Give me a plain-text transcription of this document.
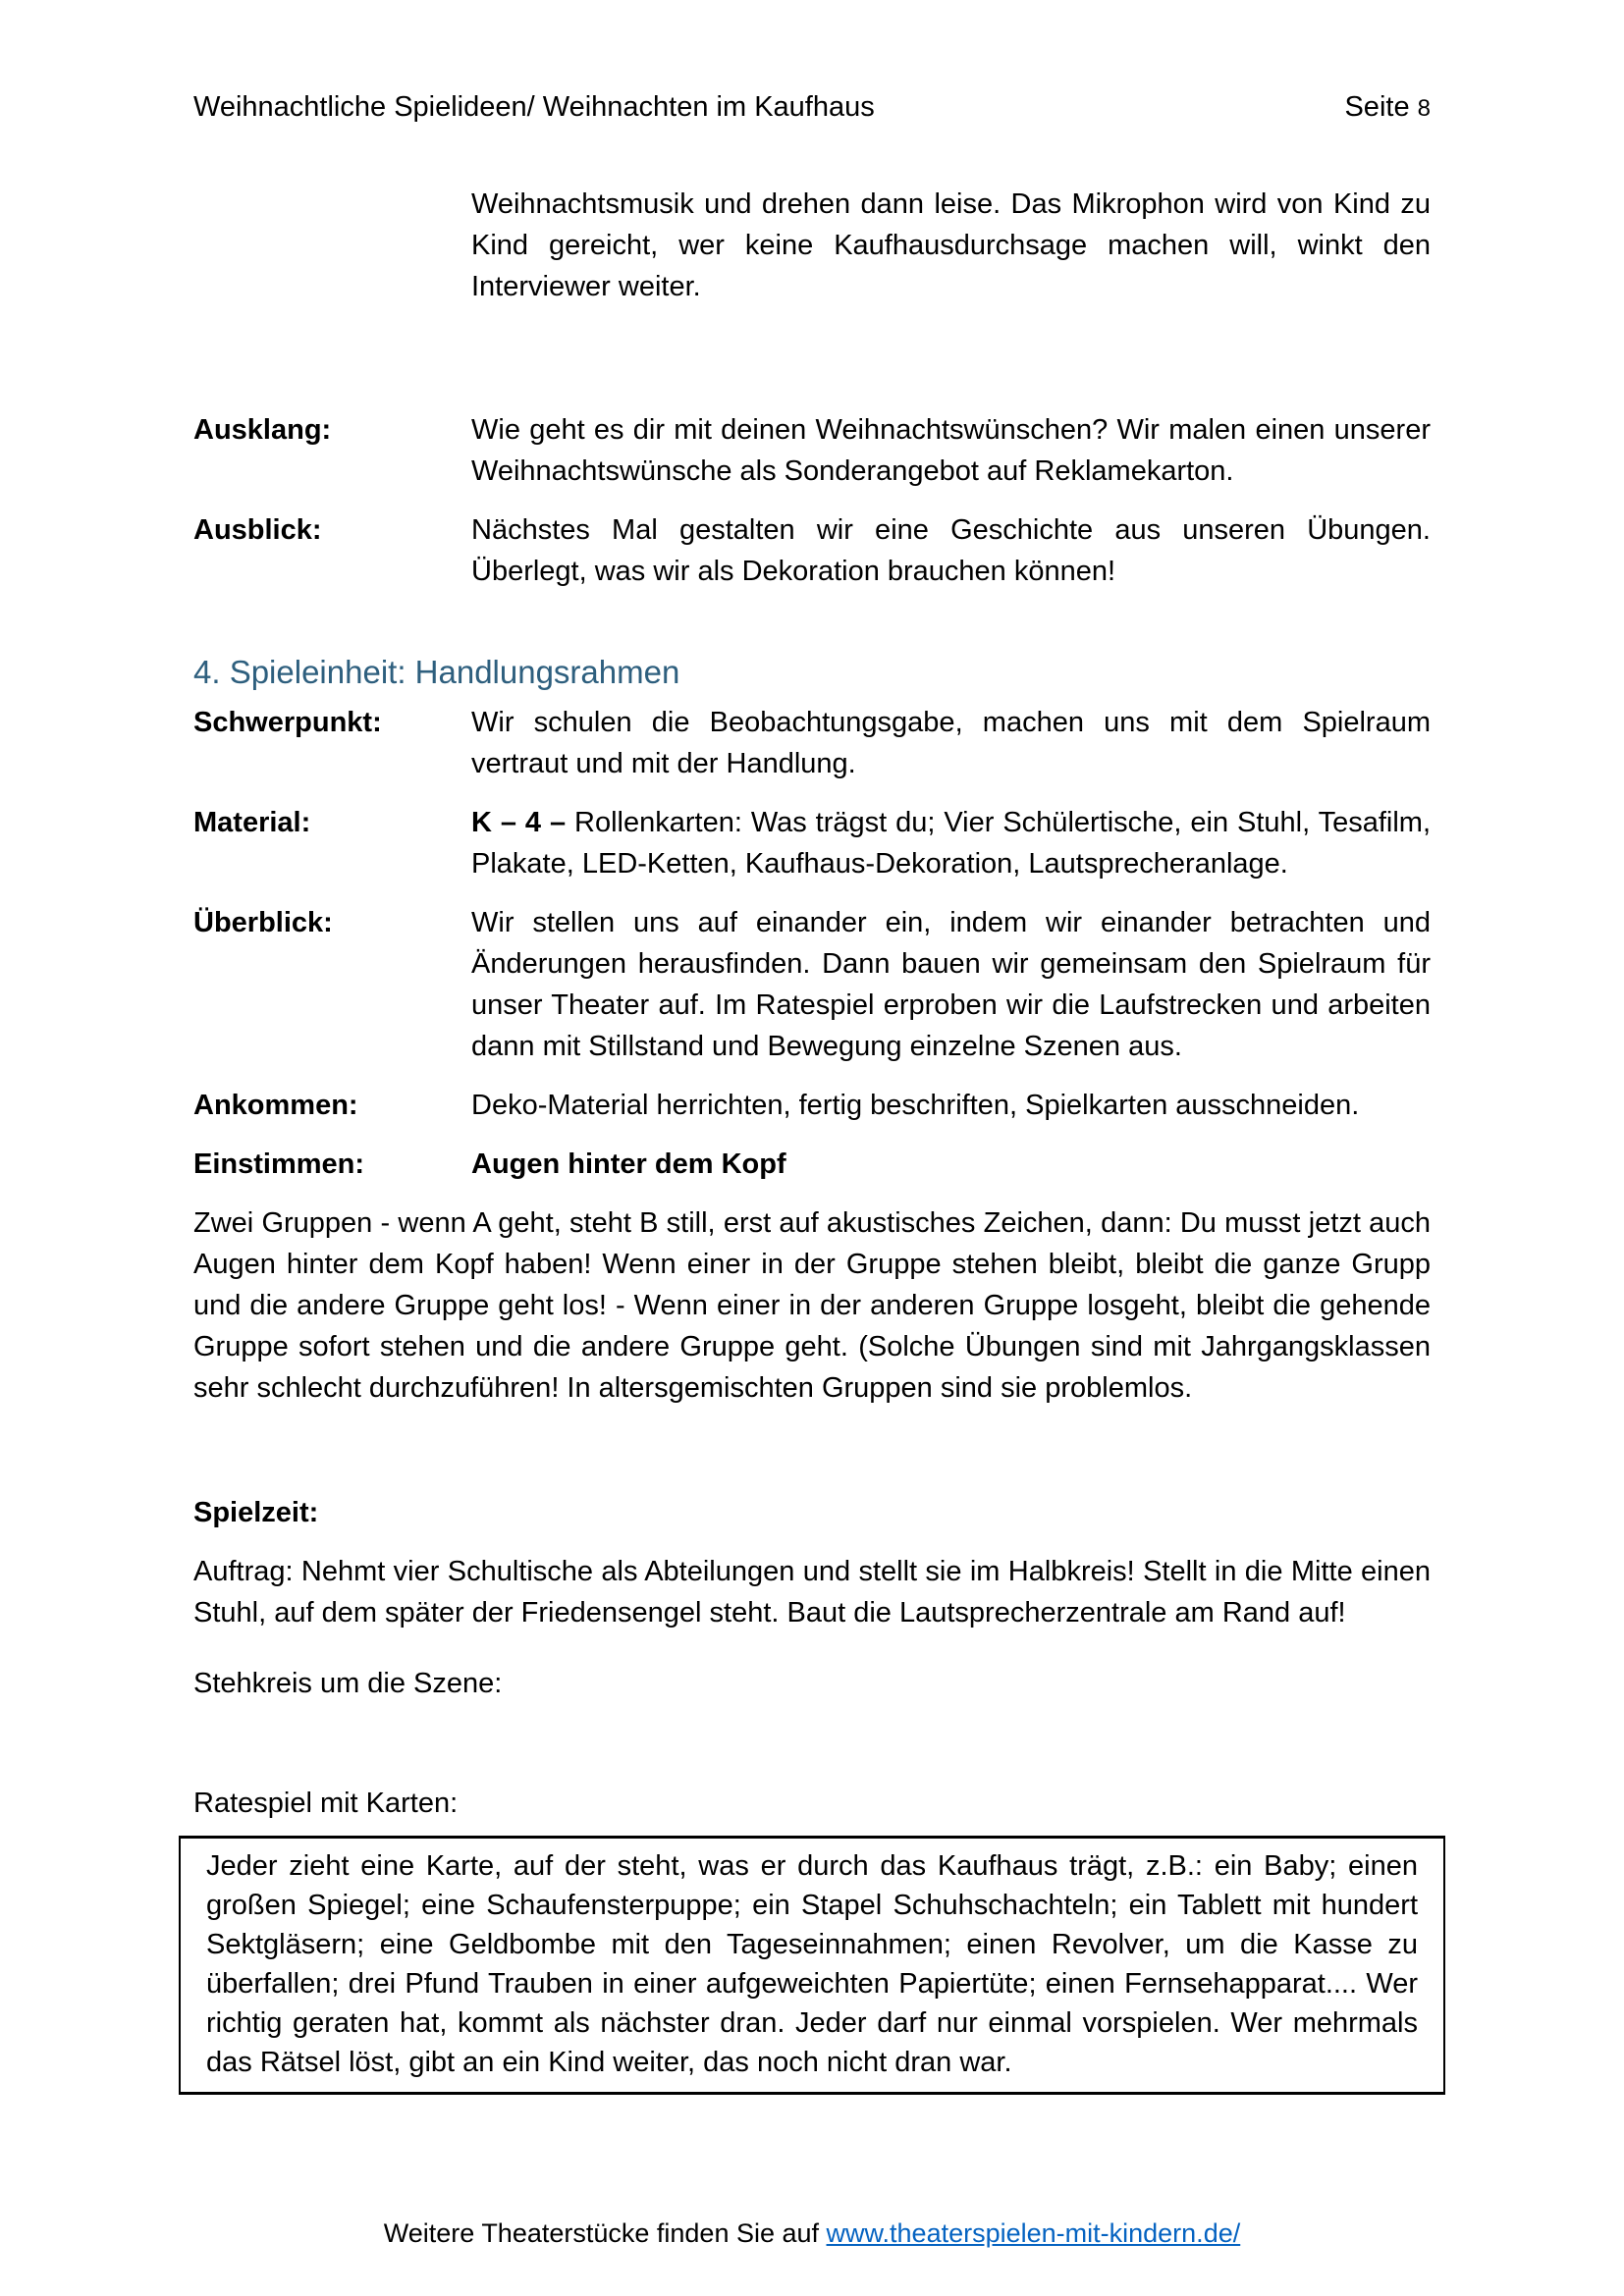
Weihnachtliche Spielideen/ Weihnachten im Kaufhaus	Seite 8

Weihnachtsmusik und drehen dann leise. Das Mikrophon wird von Kind zu Kind gereicht, wer keine Kaufhausdurchsage machen will, winkt den Interviewer weiter.

Ausklang:	Wie geht es dir mit deinen Weihnachtswünschen? Wir malen einen unserer Weihnachtswünsche als Sonderangebot auf Reklamekarton.
Ausblick:	Nächstes Mal gestalten wir eine Geschichte aus unseren Übungen. Überlegt, was wir als Dekoration brauchen können!
4. Spieleinheit: Handlungsrahmen
Schwerpunkt:	Wir schulen die Beobachtungsgabe, machen uns mit dem Spielraum vertraut und mit der Handlung.
Material:	K – 4 – Rollenkarten: Was trägst du; Vier Schülertische, ein Stuhl, Tesafilm, Plakate, LED-Ketten, Kaufhaus-Dekoration, Lautsprecheranlage.
Überblick:	Wir stellen uns auf einander ein, indem wir einander betrachten und Änderungen herausfinden. Dann bauen wir gemeinsam den Spielraum für unser Theater auf. Im Ratespiel erproben wir die Laufstrecken und arbeiten dann mit Stillstand und Bewegung einzelne Szenen aus.
Ankommen:	Deko-Material herrichten, fertig beschriften, Spielkarten ausschneiden.
Einstimmen:	Augen hinter dem Kopf

Zwei Gruppen - wenn A geht, steht B still, erst auf akustisches Zeichen, dann: Du musst jetzt auch Augen hinter dem Kopf haben! Wenn einer in der Gruppe stehen bleibt, bleibt die ganze Grupp und die andere Gruppe geht los! - Wenn einer in der anderen Gruppe losgeht, bleibt die gehende Gruppe sofort stehen und die andere Gruppe geht. (Solche Übungen sind mit Jahrgangsklassen sehr schlecht durchzuführen! In altersgemischten Gruppen sind sie problemlos.

Spielzeit:

Auftrag: Nehmt vier Schultische als Abteilungen und stellt sie im Halbkreis! Stellt in die Mitte einen Stuhl, auf dem später der Friedensengel steht. Baut die Lautsprecherzentrale am Rand auf!

Stehkreis um die Szene:

Ratespiel mit Karten:

Jeder zieht eine Karte, auf der steht, was er durch das Kaufhaus trägt, z.B.: ein Baby; einen großen Spiegel; eine Schaufensterpuppe; ein Stapel Schuhschachteln; ein Tablett mit hundert Sektgläsern; eine Geldbombe mit den Tageseinnahmen; einen Revolver, um die Kasse zu überfallen; drei Pfund Trauben in einer aufgeweichten Papiertüte; einen Fernsehapparat.... Wer richtig geraten hat, kommt als nächster dran. Jeder darf nur einmal vorspielen. Wer mehrmals das Rätsel löst, gibt an ein Kind weiter, das noch nicht dran war.
Weitere Theaterstücke finden Sie auf www.theaterspielen-mit-kindern.de/
